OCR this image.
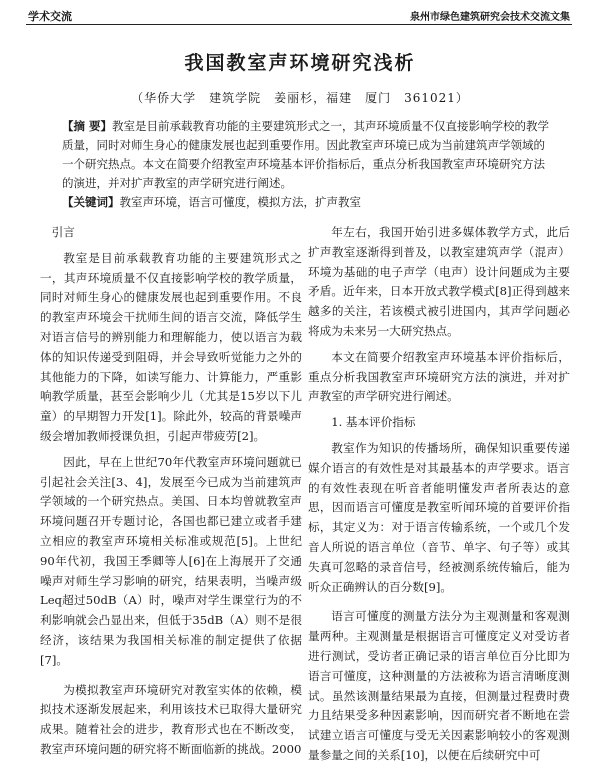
学术交流	泉州市绿色建筑研究会技术交流文集
我国教室声环境研究浅析
（华侨大学　建筑学院　姜丽杉，福建　厦门　361021）
【摘 要】教室是目前承载教育功能的主要建筑形式之一，其声环境质量不仅直接影响学校的教学质量，同时对师生身心的健康发展也起到重要作用。因此教室声环境已成为当前建筑声学领域的一个研究热点。本文在简要介绍教室声环境基本评价指标后，重点分析我国教室声环境研究方法的演进，并对扩声教室的声学研究进行阐述。
【关键词】教室声环境，语言可懂度，模拟方法，扩声教室

引言

教室是目前承载教育功能的主要建筑形式之一，其声环境质量不仅直接影响学校的教学质量，同时对师生身心的健康发展也起到重要作用。不良的教室声环境会干扰师生间的语言交流，降低学生对语言信号的辨别能力和理解能力，使以语言为载体的知识传递受到阻碍，并会导致听觉能力之外的其他能力的下降，如读写能力、计算能力，严重影响教学质量，甚至会影响少儿（尤其是15岁以下儿童）的早期智力开发[1]。除此外，较高的背景噪声级会增加教师授课负担，引起声带疲劳[2]。

因此，早在上世纪70年代教室声环境问题就已引起社会关注[3、4]，发展至今已成为当前建筑声学领域的一个研究热点。美国、日本均曾就教室声环境问题召开专题讨论，各国也都已建立或者手建立相应的教室声环境相关标准或规范[5]。上世纪90年代初，我国王季卿等人[6]在上海展开了交通噪声对师生学习影响的研究，结果表明，当噪声级Leq超过50dB（A）时，噪声对学生课堂行为的不利影响就会凸显出来，但低于35dB（A）则不是很经济，该结果为我国相关标准的制定提供了依据[7]。

为模拟教室声环境研究对教室实体的依赖，模拟技术逐渐发展起来，利用该技术已取得大量研究成果。随着社会的进步，教育形式也在不断改变，教室声环境问题的研究将不断面临新的挑战。2000

年左右，我国开始引进多媒体教学方式，此后扩声教室逐渐得到普及，以教室建筑声学（混声）环境为基础的电子声学（电声）设计问题成为主要矛盾。近年来，日本开放式教学模式[8]正得到越来越多的关注，若该模式被引进国内，其声学问题必将成为未来另一大研究热点。

本文在简要介绍教室声环境基本评价指标后，重点分析我国教室声环境研究方法的演进，并对扩声教室的声学研究进行阐述。

1. 基本评价指标

教室作为知识的传播场所，确保知识重要传递媒介语言的有效性是对其最基本的声学要求。语言的有效性表现在听音者能明懂发声者所表达的意思，因而语言可懂度是教室听闻环境的首要评价指标，其定义为：对于语言传输系统，一个或几个发音人所说的语言单位（音节、单字、句子等）或其失真可忽略的录音信号，经被测系统传输后，能为听众正确辨认的百分数[9]。

语言可懂度的测量方法分为主观测量和客观测量两种。主观测量是根据语言可懂度定义对受访者进行测试，受访者正确记录的语言单位百分比即为语言可懂度，这种测量的方法被称为语言清晰度测试。虽然该测量结果最为直接，但测量过程费时费力且结果受多种因素影响，因而研究者不断地在尝试建立语言可懂度与受无关因素影响较小的客观测量参量之间的关系[10]，以便在后续研究中可
